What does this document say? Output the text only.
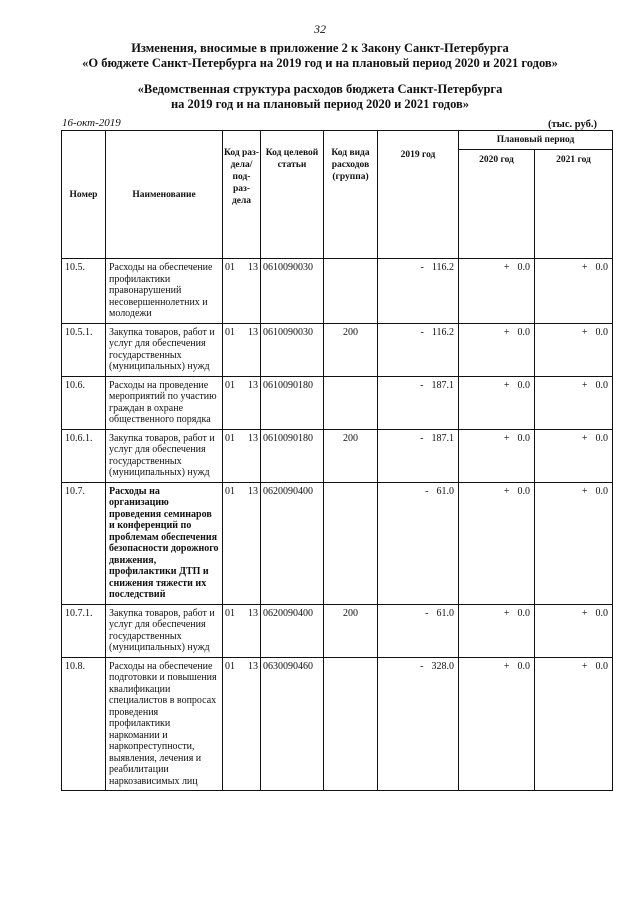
32
Изменения, вносимые в приложение 2 к Закону Санкт-Петербурга
«О бюджете Санкт-Петербурга на 2019 год и на плановый период 2020 и 2021 годов»
«Ведомственная структура расходов бюджета Санкт-Петербурга
на 2019 год и на плановый период 2020 и 2021 годов»
16-окт-2019	(тыс. руб.)
Номер	Наименование	Код раз- дела/ под- раз- дела	Код целевой статьи	Код вида расходов (группа)	2019 год	Плановый период	
						2020 год	2021 год
10.5.	Расходы на обеспечение профилактики правонарушений несовершеннолетних и молодежи	01 13	0610090030		- 116.2	+ 0.0	+ 0.0
10.5.1.	Закупка товаров, работ и услуг для обеспечения государственных (муниципальных) нужд	01 13	0610090030	200	- 116.2	+ 0.0	+ 0.0
10.6.	Расходы на проведение мероприятий по участию граждан в охране общественного порядка	01 13	0610090180		- 187.1	+ 0.0	+ 0.0
10.6.1.	Закупка товаров, работ и услуг для обеспечения государственных (муниципальных) нужд	01 13	0610090180	200	- 187.1	+ 0.0	+ 0.0
10.7.	Расходы на организацию проведения семинаров и конференций по проблемам обеспечения безопасности дорожного движения, профилактики ДТП и снижения тяжести их последствий	01 13	0620090400		- 61.0	+ 0.0	+ 0.0
10.7.1.	Закупка товаров, работ и услуг для обеспечения государственных (муниципальных) нужд	01 13	0620090400	200	- 61.0	+ 0.0	+ 0.0
10.8.	Расходы на обеспечение подготовки и повышения квалификации специалистов в вопросах проведения профилактики наркомании и наркопреступности, выявления, лечения и реабилитации наркозависимых лиц	01 13	0630090460		- 328.0	+ 0.0	+ 0.0
